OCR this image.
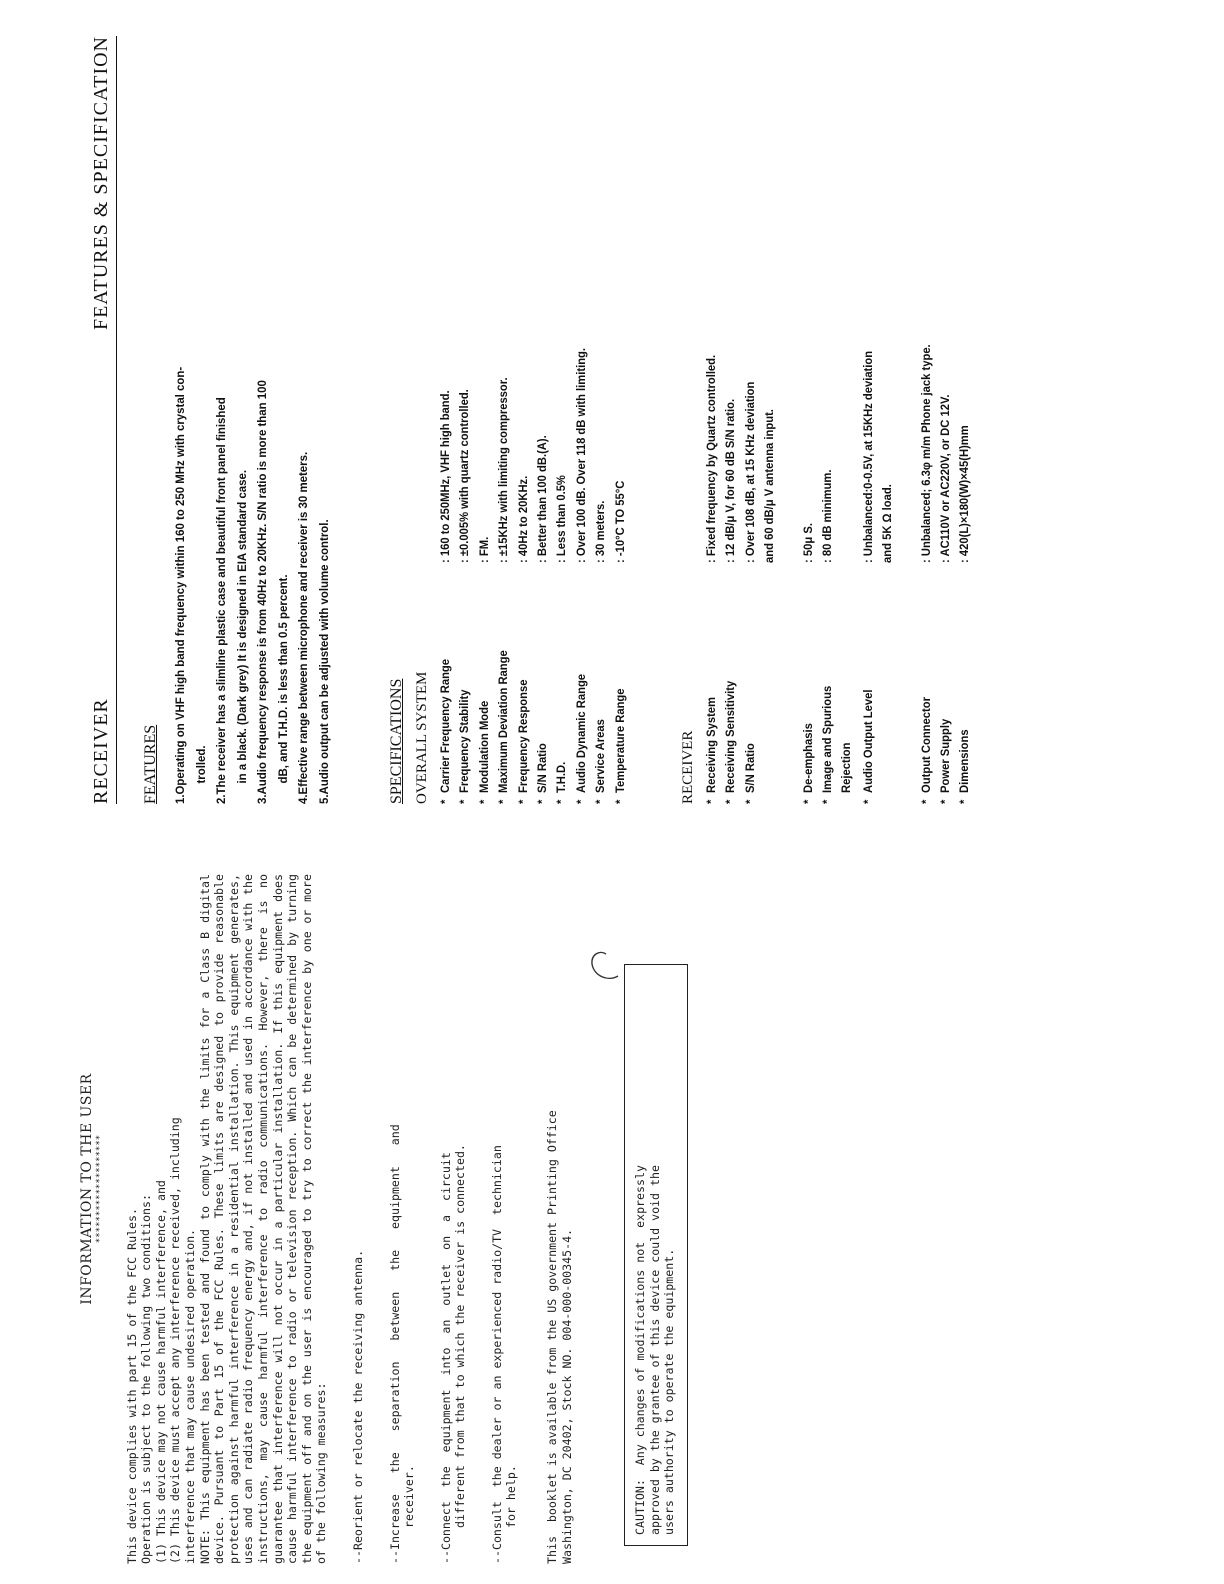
INFORMATION TO THE USER ********************

This device complies with part 15 of the FCC Rules. Operation is subject to the following two conditions: (1) This device may not cause harmful interference, and (2) This device must accept any interference received, including interference that may cause undesired operation. NOTE: This equipment has been tested and found to comply with the limits for a Class B digital device. Pursuant to Part 15 of the FCC Rules. These limits are designed to provide reasonable protection against harmful interference in a residential installation. This equipment generates, uses and can radiate radio frequency energy and, if not installed and used in accordance with the instructions, may cause harmful interference to radio communications. However, there is no guarantee that interference will not occur in a particular installation. If this equipment does cause harmful interference to radio or television reception. Which can be determined by turning the equipment off and on the user is encouraged to try to correct the interference by one or more of the following measures: --Reorient or relocate the receiving antenna. --Increase   the   separation   between   the   equipment   and receiver. --Connect  the  equipment  into  an  outlet  on  a  circuit different from that to which the receiver is connected. --Consult  the dealer or an experienced radio/TV  technician for help. This  booklet is available from the US government Printing Office Washington, DC 20402, Stock NO. 004-000-00345-4.	CAUTION:  Any changes of modifications not  expressly approved by the grantee of this device could void the users authority to operate the equipment.

RECEIVER
FEATURES & SPECIFICATION
FEATURES 1.Operating on VHF high band frequency within 160 to 250 MHz with crystal con- trolled. 2.The receiver has a slimline plastic case and beautiful front panel finished in a black. (Dark grey) It is designed in EIA standard case. 3.Audio frequency response is from 40Hz to 20KHz. S/N ratio is more than 100 dB, and T.H.D. is less than 0.5 percent. 4.Effective range between microphone and receiver is 30 meters. 5.Audio output can be adjusted with volume control.	SPECIFICATIONS OVERALL SYSTEM *
Carrier Frequency Range
: 160 to 250MHz, VHF high band.
*
Frequency Stability
: ±0.005% with quartz controlled.
*
Modulation Mode
: FM.
*
Maximum Deviation Range
: ±15KHz with limiting compressor.
*
Frequency Response
: 40Hz to 20KHz.
*
S/N Ratio
: Better than 100 dB.(A).
*
T.H.D.
: Less than 0.5%
*
Audio Dynamic Range
: Over 100 dB. Over 118 dB with limiting.
*
Service Areas
: 30 meters.
*
Temperature Range
: -10°C TO 55°C
RECEIVER *
Receiving System
: Fixed frequency by Quartz controlled.
*
Receiving Sensitivity
: 12 dB/μ V, for 60 dB S/N ratio.
*
S/N Ratio
: Over 108 dB, at 15 KHz deviation and 60 dB/μ V antenna input.
*
De-emphasis
: 50μ S.
*
Image and Spurious
: 80 dB minimum.
Rejection
*
Audio Output Level
: Unbalanced:0-0.5V, at 15KHz deviation and 5K Ω load.
*
Output Connector
: Unbalanced; 6.3φ m/m Phone jack type.
*
Power Supply
: AC110V or AC220V, or DC 12V.
*
Dimensions
: 420(L)×180(W)×45(H)mm
